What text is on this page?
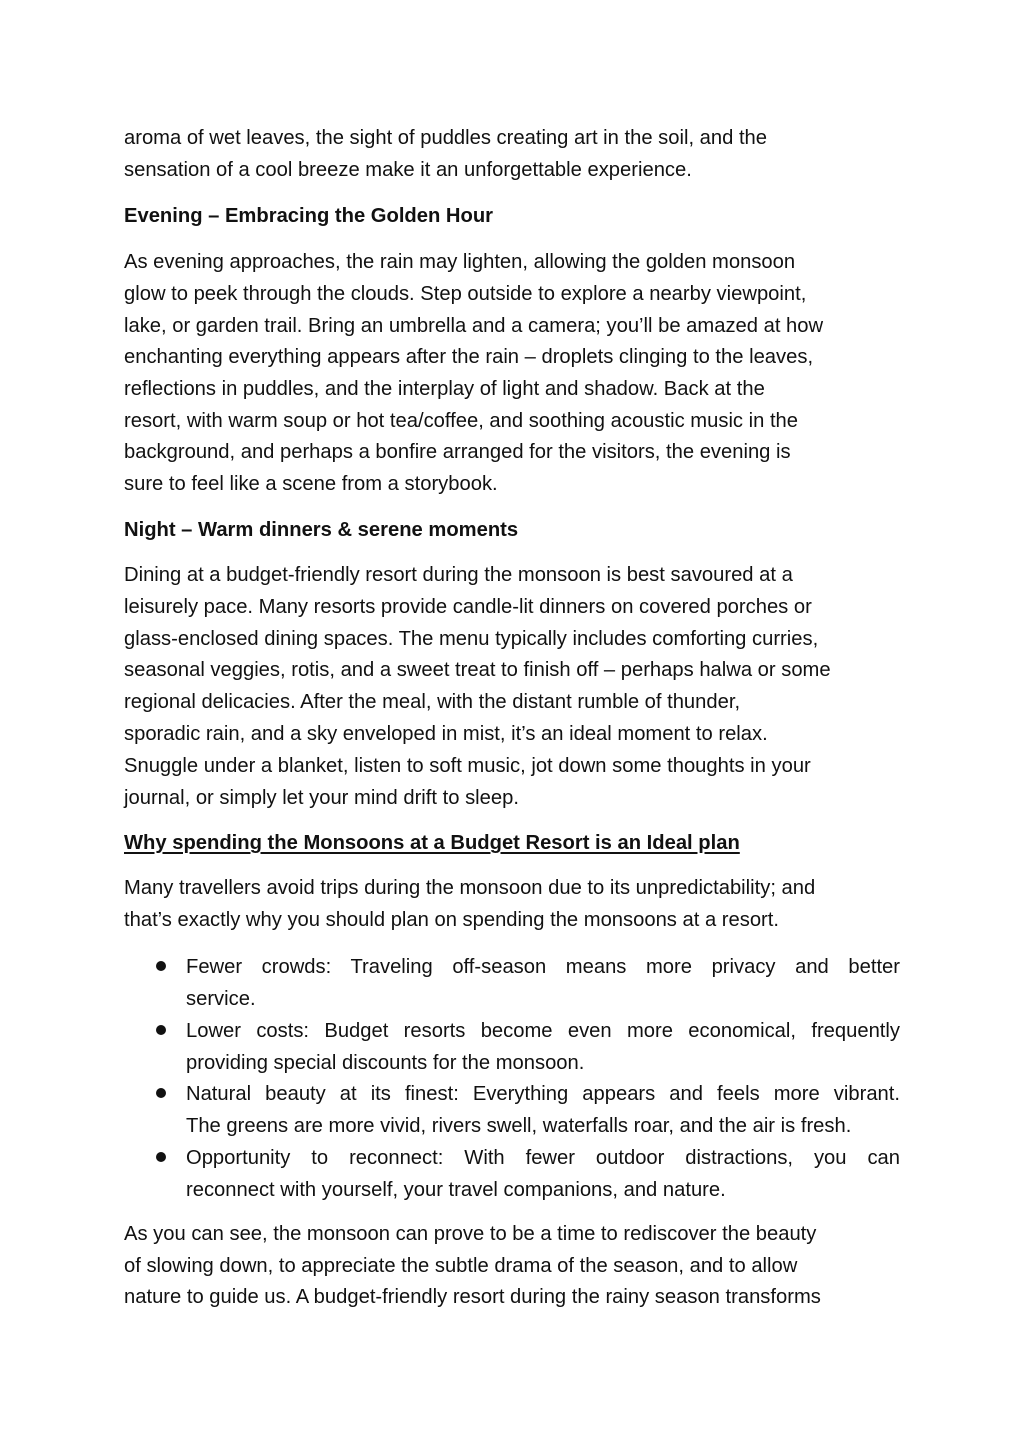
aroma of wet leaves, the sight of puddles creating art in the soil, and the
sensation of a cool breeze make it an unforgettable experience.
Evening – Embracing the Golden Hour
As evening approaches, the rain may lighten, allowing the golden monsoon
glow to peek through the clouds. Step outside to explore a nearby viewpoint,
lake, or garden trail. Bring an umbrella and a camera; you’ll be amazed at how
enchanting everything appears after the rain – droplets clinging to the leaves,
reflections in puddles, and the interplay of light and shadow. Back at the
resort, with warm soup or hot tea/coffee, and soothing acoustic music in the
background, and perhaps a bonfire arranged for the visitors, the evening is
sure to feel like a scene from a storybook.
Night – Warm dinners & serene moments
Dining at a budget-friendly resort during the monsoon is best savoured at a
leisurely pace. Many resorts provide candle-lit dinners on covered porches or
glass-enclosed dining spaces. The menu typically includes comforting curries,
seasonal veggies, rotis, and a sweet treat to finish off – perhaps halwa or some
regional delicacies. After the meal, with the distant rumble of thunder,
sporadic rain, and a sky enveloped in mist, it’s an ideal moment to relax.
Snuggle under a blanket, listen to soft music, jot down some thoughts in your
journal, or simply let your mind drift to sleep.
Why spending the Monsoons at a Budget Resort is an Ideal plan
Many travellers avoid trips during the monsoon due to its unpredictability; and
that’s exactly why you should plan on spending the monsoons at a resort.
Fewer crowds: Traveling off-season means more privacy and better
service.
Lower costs: Budget resorts become even more economical, frequently
providing special discounts for the monsoon.
Natural beauty at its finest: Everything appears and feels more vibrant.
The greens are more vivid, rivers swell, waterfalls roar, and the air is fresh.
Opportunity to reconnect: With fewer outdoor distractions, you can
reconnect with yourself, your travel companions, and nature.
As you can see, the monsoon can prove to be a time to rediscover the beauty
of slowing down, to appreciate the subtle drama of the season, and to allow
nature to guide us. A budget-friendly resort during the rainy season transforms
